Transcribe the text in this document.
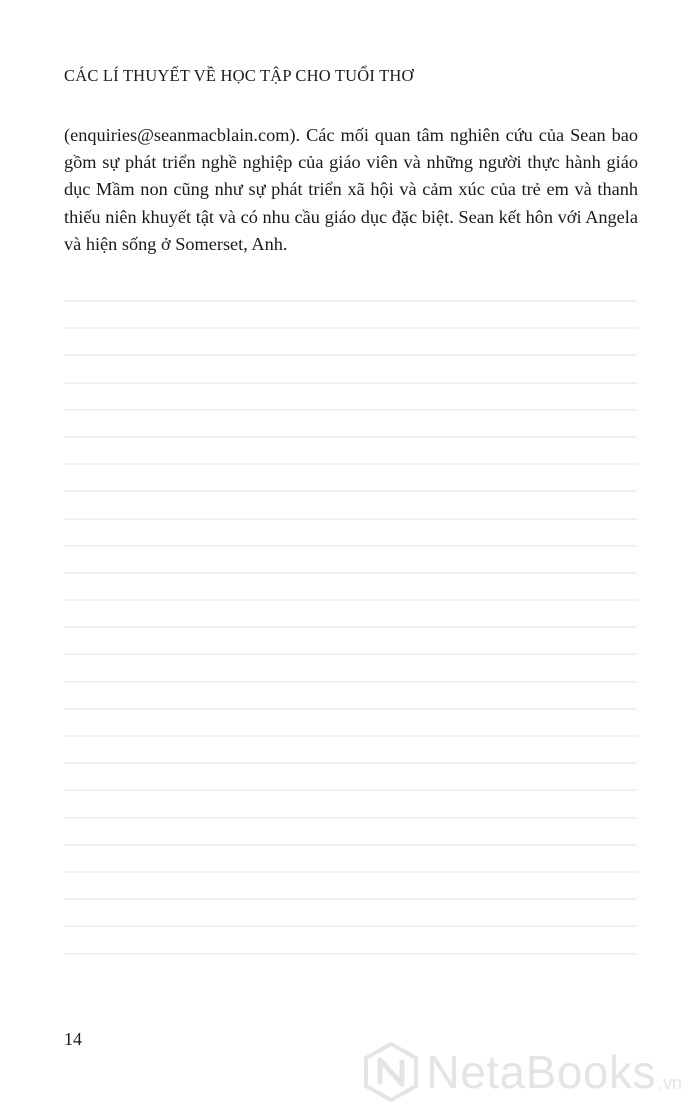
CÁC LÍ THUYẾT VỀ HỌC TẬP CHO TUỔI THƠ
(enquiries@seanmacblain.com). Các mối quan tâm nghiên cứu của Sean bao gồm sự phát triển nghề nghiệp của giáo viên và những người thực hành giáo dục Mầm non cũng như sự phát triển xã hội và cảm xúc của trẻ em và thanh thiếu niên khuyết tật và có nhu cầu giáo dục đặc biệt. Sean kết hôn với Angela và hiện sống ở Somerset, Anh.
14
NetaBooks .vn
